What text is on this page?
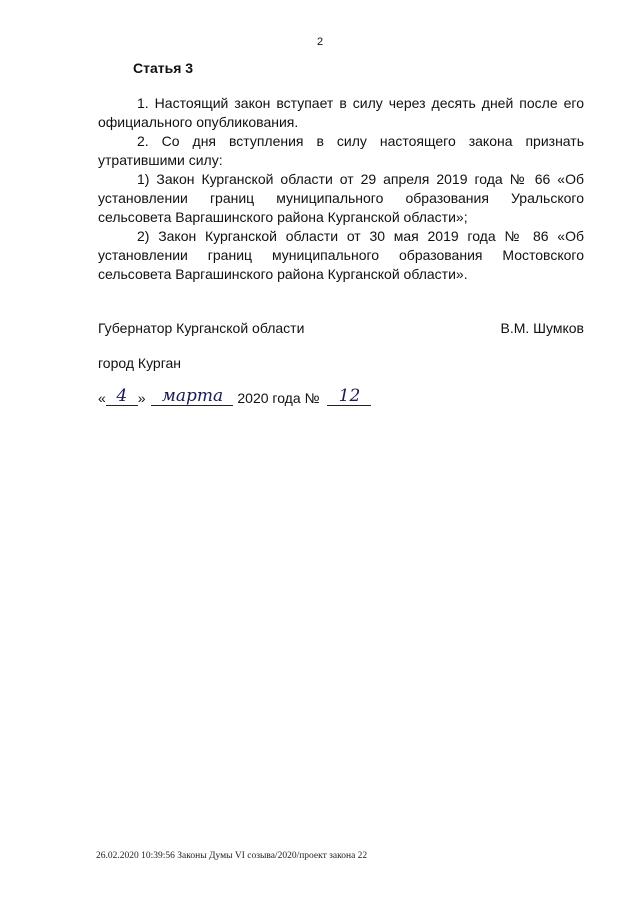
2
Статья 3

1. Настоящий закон вступает в силу через десять дней после его официального опубликования.

2. Со дня вступления в силу настоящего закона признать утратившими силу:

1) Закон Курганской области от 29 апреля 2019 года № 66 «Об установлении границ муниципального образования Уральского сельсовета Варгашинского района Курганской области»;

2) Закон Курганской области от 30 мая 2019 года № 86 «Об установлении границ муниципального образования Мостовского сельсовета Варгашинского района Курганской области».

Губернатор Курганской области	В.М. Шумков
город Курган
« 4 » марта 2020 года № 12
26.02.2020 10:39:56 Законы Думы VI созыва/2020/проект закона 22
